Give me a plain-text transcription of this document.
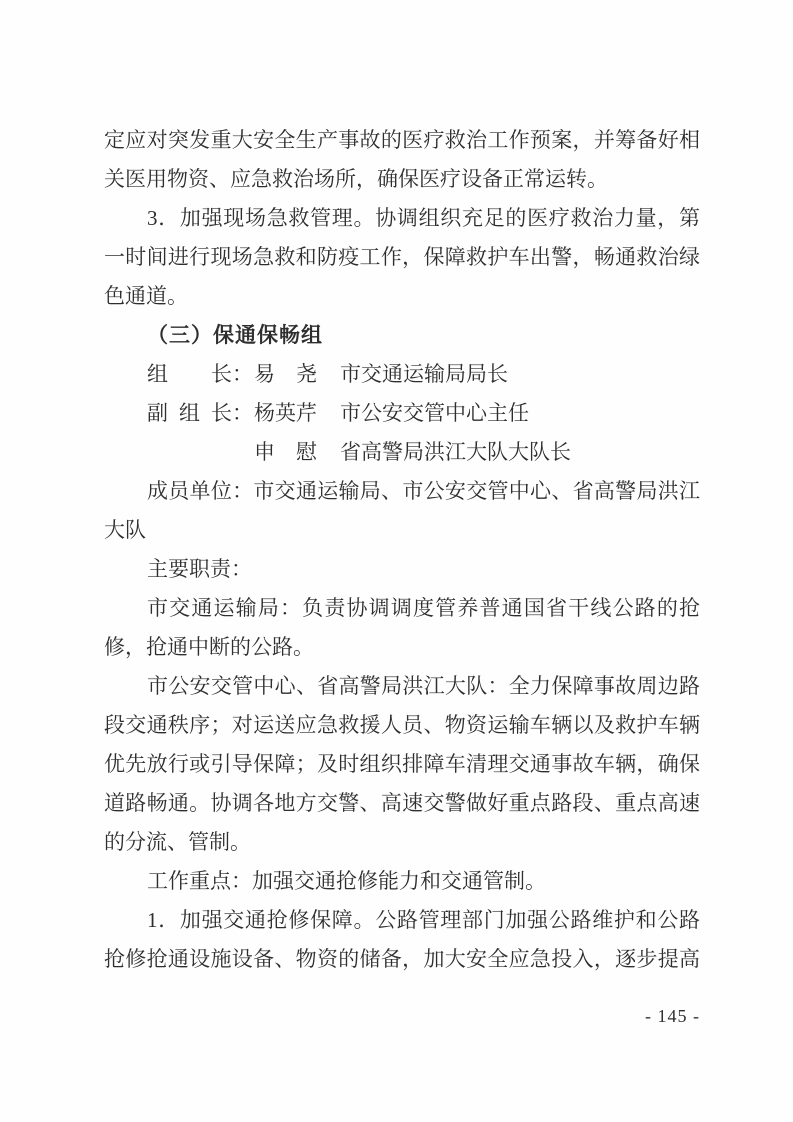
定应对突发重大安全生产事故的医疗救治工作预案，并筹备好相
关医用物资、应急救治场所，确保医疗设备正常运转。
3．加强现场急救管理。协调组织充足的医疗救治力量，第
一时间进行现场急救和防疫工作，保障救护车出警，畅通救治绿
色通道。
（三）保通保畅组
组长：易　尧 市交通运输局局长
副组长：杨英芹 市公安交管中心主任
申　慰 省高警局洪江大队大队长
成员单位：市交通运输局、市公安交管中心、省高警局洪江
大队
主要职责：
市交通运输局：负责协调调度管养普通国省干线公路的抢
修，抢通中断的公路。
市公安交管中心、省高警局洪江大队：全力保障事故周边路
段交通秩序；对运送应急救援人员、物资运输车辆以及救护车辆
优先放行或引导保障；及时组织排障车清理交通事故车辆，确保
道路畅通。协调各地方交警、高速交警做好重点路段、重点高速
的分流、管制。
工作重点：加强交通抢修能力和交通管制。
1．加强交通抢修保障。公路管理部门加强公路维护和公路
抢修抢通设施设备、物资的储备，加大安全应急投入，逐步提高
- 145 -
